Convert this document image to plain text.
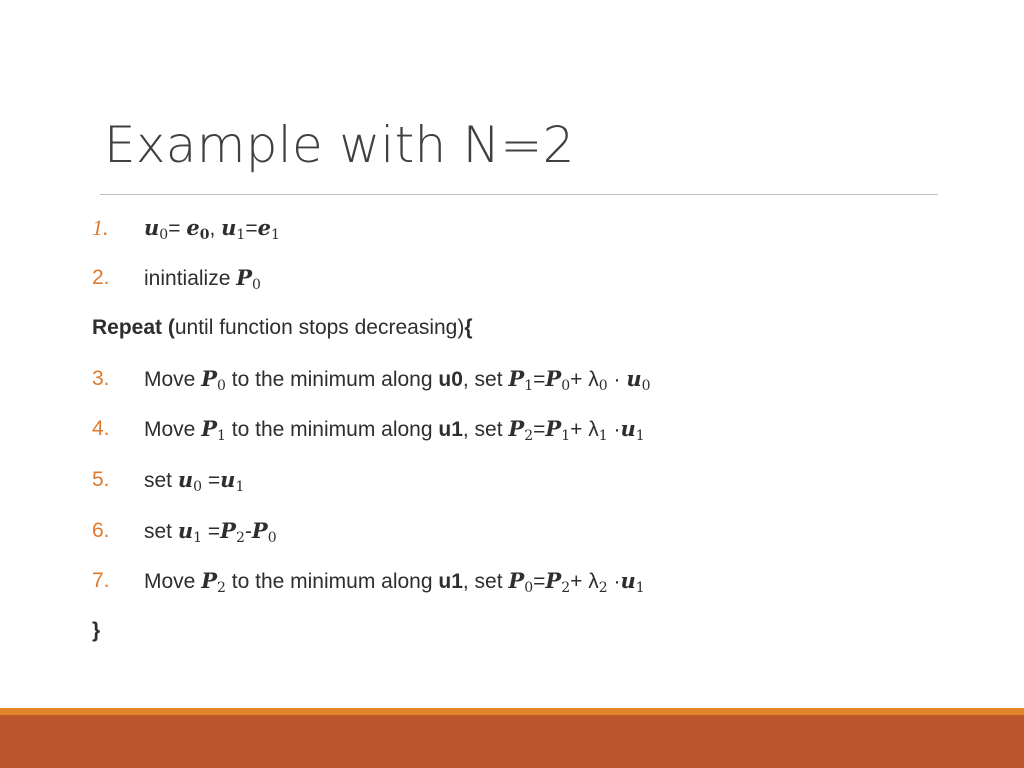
Example with N=2
1. u0= e0, u1=e1
2. inintialize P0
Repeat (until function stops decreasing){
3. Move P0 to the minimum along u0, set P1=P0+ λ0 · u0
4. Move P1 to the minimum along u1, set P2=P1+ λ1 ·u1
5. set u0 =u1
6. set u1 =P2-P0
7. Move P2 to the minimum along u1, set P0=P2+ λ2 ·u1
}
